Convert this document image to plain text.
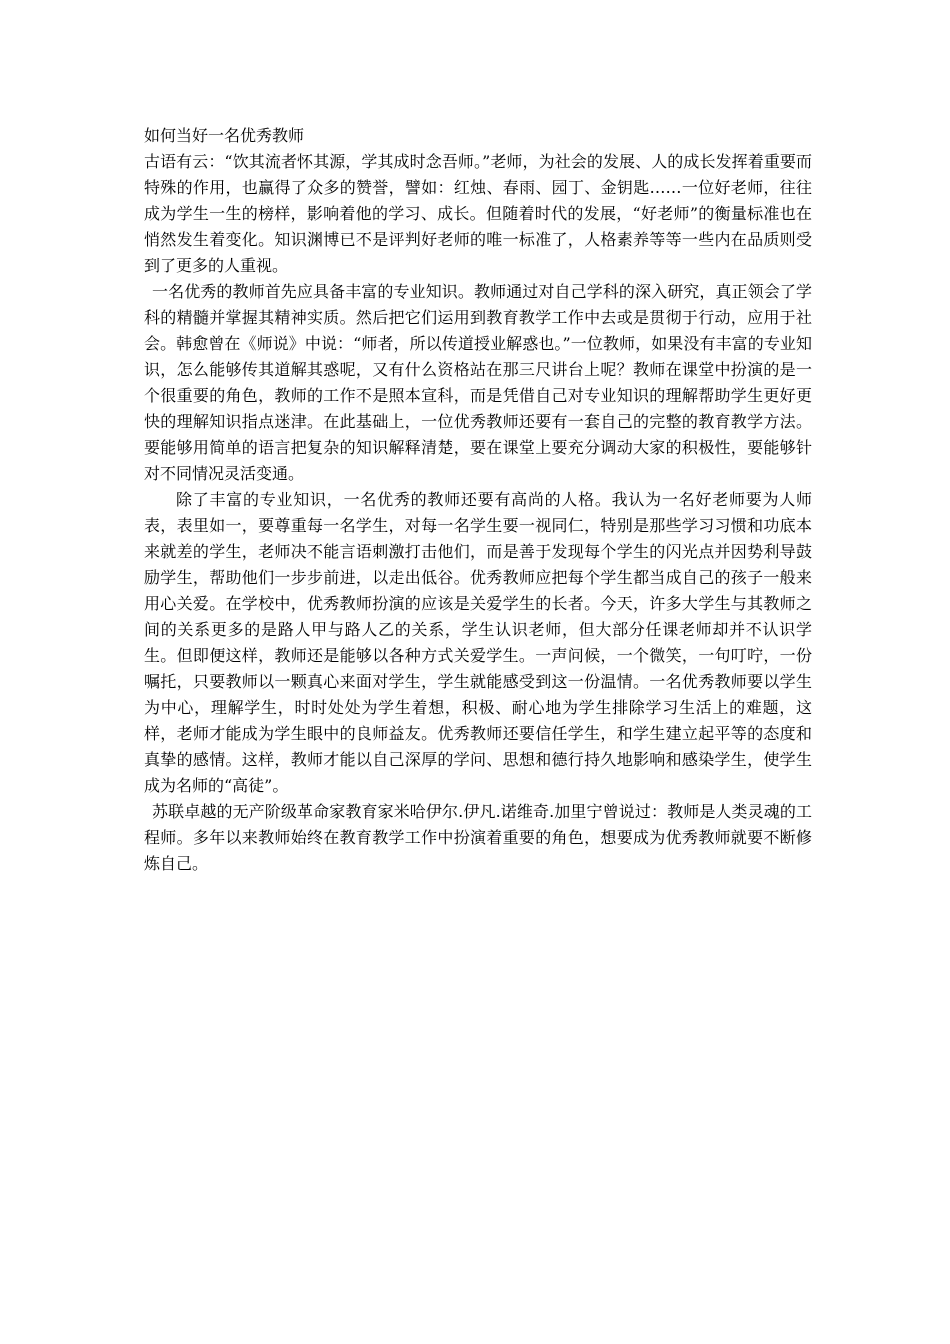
如何当好一名优秀教师

古语有云：“饮其流者怀其源，学其成时念吾师。”老师，为社会的发展、人的成长发挥着重要而特殊的作用，也赢得了众多的赞誉，譬如：红烛、春雨、园丁、金钥匙……一位好老师，往往成为学生一生的榜样，影响着他的学习、成长。但随着时代的发展，“好老师”的衡量标准也在悄然发生着变化。知识渊博已不是评判好老师的唯一标准了，人格素养等等一些内在品质则受到了更多的人重视。

一名优秀的教师首先应具备丰富的专业知识。教师通过对自己学科的深入研究，真正领会了学科的精髓并掌握其精神实质。然后把它们运用到教育教学工作中去或是贯彻于行动，应用于社会。韩愈曾在《师说》中说：“师者，所以传道授业解惑也。”一位教师，如果没有丰富的专业知识，怎么能够传其道解其惑呢，又有什么资格站在那三尺讲台上呢？教师在课堂中扮演的是一个很重要的角色，教师的工作不是照本宣科，而是凭借自己对专业知识的理解帮助学生更好更快的理解知识指点迷津。在此基础上，一位优秀教师还要有一套自己的完整的教育教学方法。要能够用简单的语言把复杂的知识解释清楚，要在课堂上要充分调动大家的积极性，要能够针对不同情况灵活变通。

除了丰富的专业知识，一名优秀的教师还要有高尚的人格。我认为一名好老师要为人师表，表里如一，要尊重每一名学生，对每一名学生要一视同仁，特别是那些学习习惯和功底本来就差的学生，老师决不能言语刺激打击他们，而是善于发现每个学生的闪光点并因势利导鼓励学生，帮助他们一步步前进，以走出低谷。优秀教师应把每个学生都当成自己的孩子一般来用心关爱。在学校中，优秀教师扮演的应该是关爱学生的长者。今天，许多大学生与其教师之间的关系更多的是路人甲与路人乙的关系，学生认识老师，但大部分任课老师却并不认识学生。但即便这样，教师还是能够以各种方式关爱学生。一声问候，一个微笑，一句叮咛，一份嘱托，只要教师以一颗真心来面对学生，学生就能感受到这一份温情。一名优秀教师要以学生为中心，理解学生，时时处处为学生着想，积极、耐心地为学生排除学习生活上的难题，这样，老师才能成为学生眼中的良师益友。优秀教师还要信任学生，和学生建立起平等的态度和真挚的感情。这样，教师才能以自己深厚的学问、思想和德行持久地影响和感染学生，使学生成为名师的“高徒”。

苏联卓越的无产阶级革命家教育家米哈伊尔.伊凡.诺维奇.加里宁曾说过：教师是人类灵魂的工程师。多年以来教师始终在教育教学工作中扮演着重要的角色，想要成为优秀教师就要不断修炼自己。
